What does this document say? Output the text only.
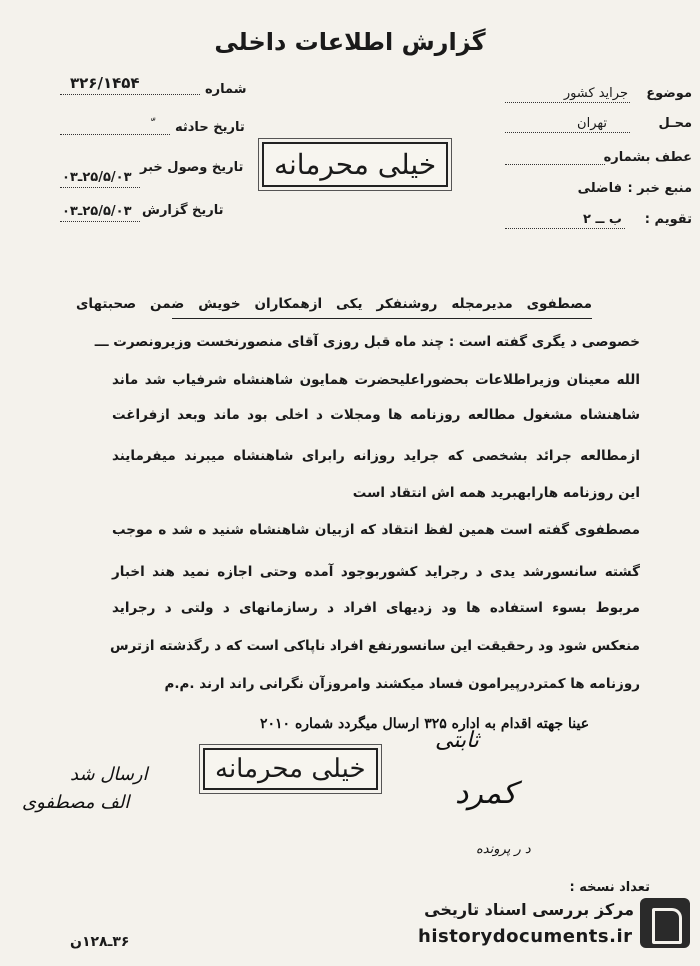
گزارش اطلاعات داخلی
موضوع
جراید کشور
محـل
تهران
عطف بشماره
منبع خبر :
فاضلی
تقویم :
ب ــ ۲
شماره
۳۲۶/۱۴۵۴
تاریخ حادثه
تاریخ وصول خبر
۲۵/۵/۰۳ـ۰۳
تاریخ گزارش
۲۵/۵/۰۳ـ۰۳
خیلی محرمانه
مصطفوی مدیرمجله روشنفکر یکی ازهمکاران خویش ضمن صحبتهای
خصوصی د یگری گفته است : چند ماه قبل روزی آقای منصورنخست وزیرونصرت ـــ
الله معینان وزیراطلاعات بحضوراعلیحضرت همایون شاهنشاه شرفیاب شد ماند
شاهنشاه مشغول مطالعه روزنامه ها ومجلات د اخلی بود ماند وبعد ازفراغت
ازمطالعه جرائد بشخصی که جراید روزانه رابرای شاهنشاه میبرند میفرمایند
این روزنامه هارابهبرید همه اش انتقاد است
مصطفوی گفته است همین لفظ انتقاد که ازبیان شاهنشاه شنید ه شد ه موجب
گشته سانسورشد یدی د رجراید کشوربوجود آمده وحتی اجازه نمید هند اخبار
مربوط بسوء استفاده ها ود زدیهای افراد د رسازمانهای د ولتی د رجراید
منعکس شود ود رحقیقت این سانسورنفع افراد ناپاکی است که د رگذشته ازترس
روزنامه ها کمتردرپیرامون فساد میکشند وامروزآن نگرانی راند ارند .م.م
عینا جهته اقدام به اداره ۳۲۵ ارسال میگردد شماره ۲۰۱۰
ثابتی
خیلی محرمانه
ارسال شد
الف مصطفوی	کمرد
د ر پرونده
تعداد نسخه :
۳۶ـ۱۲۸ن
مرکز بررسی اسناد تاریخی
historydocuments.ir
